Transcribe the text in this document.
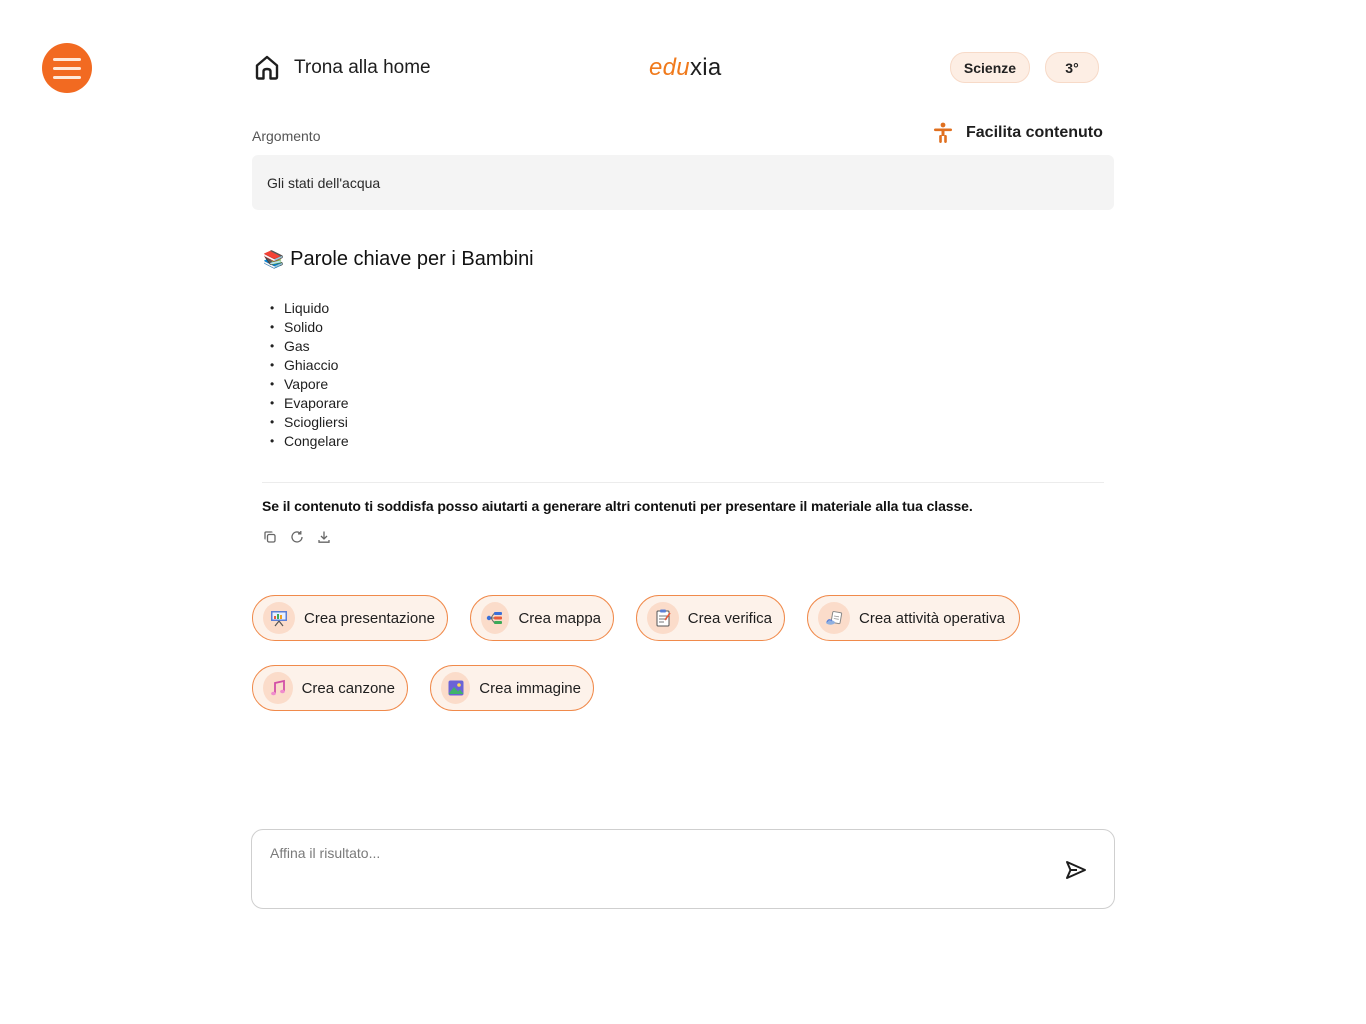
Trona alla home	eduxia	Scienze	3°
Argomento	Facilita contenuto
Gli stati dell'acqua
📚 Parole chiave per i Bambini
• Liquido
• Solido
• Gas
• Ghiaccio
• Vapore
• Evaporare
• Sciogliersi
• Congelare
Se il contenuto ti soddisfa posso aiutarti a generare altri contenuti per presentare il materiale alla tua classe.
Crea presentazione	Crea mappa	Crea verifica	Crea attività operativa
Crea canzone	Crea immagine
Affina il risultato...
